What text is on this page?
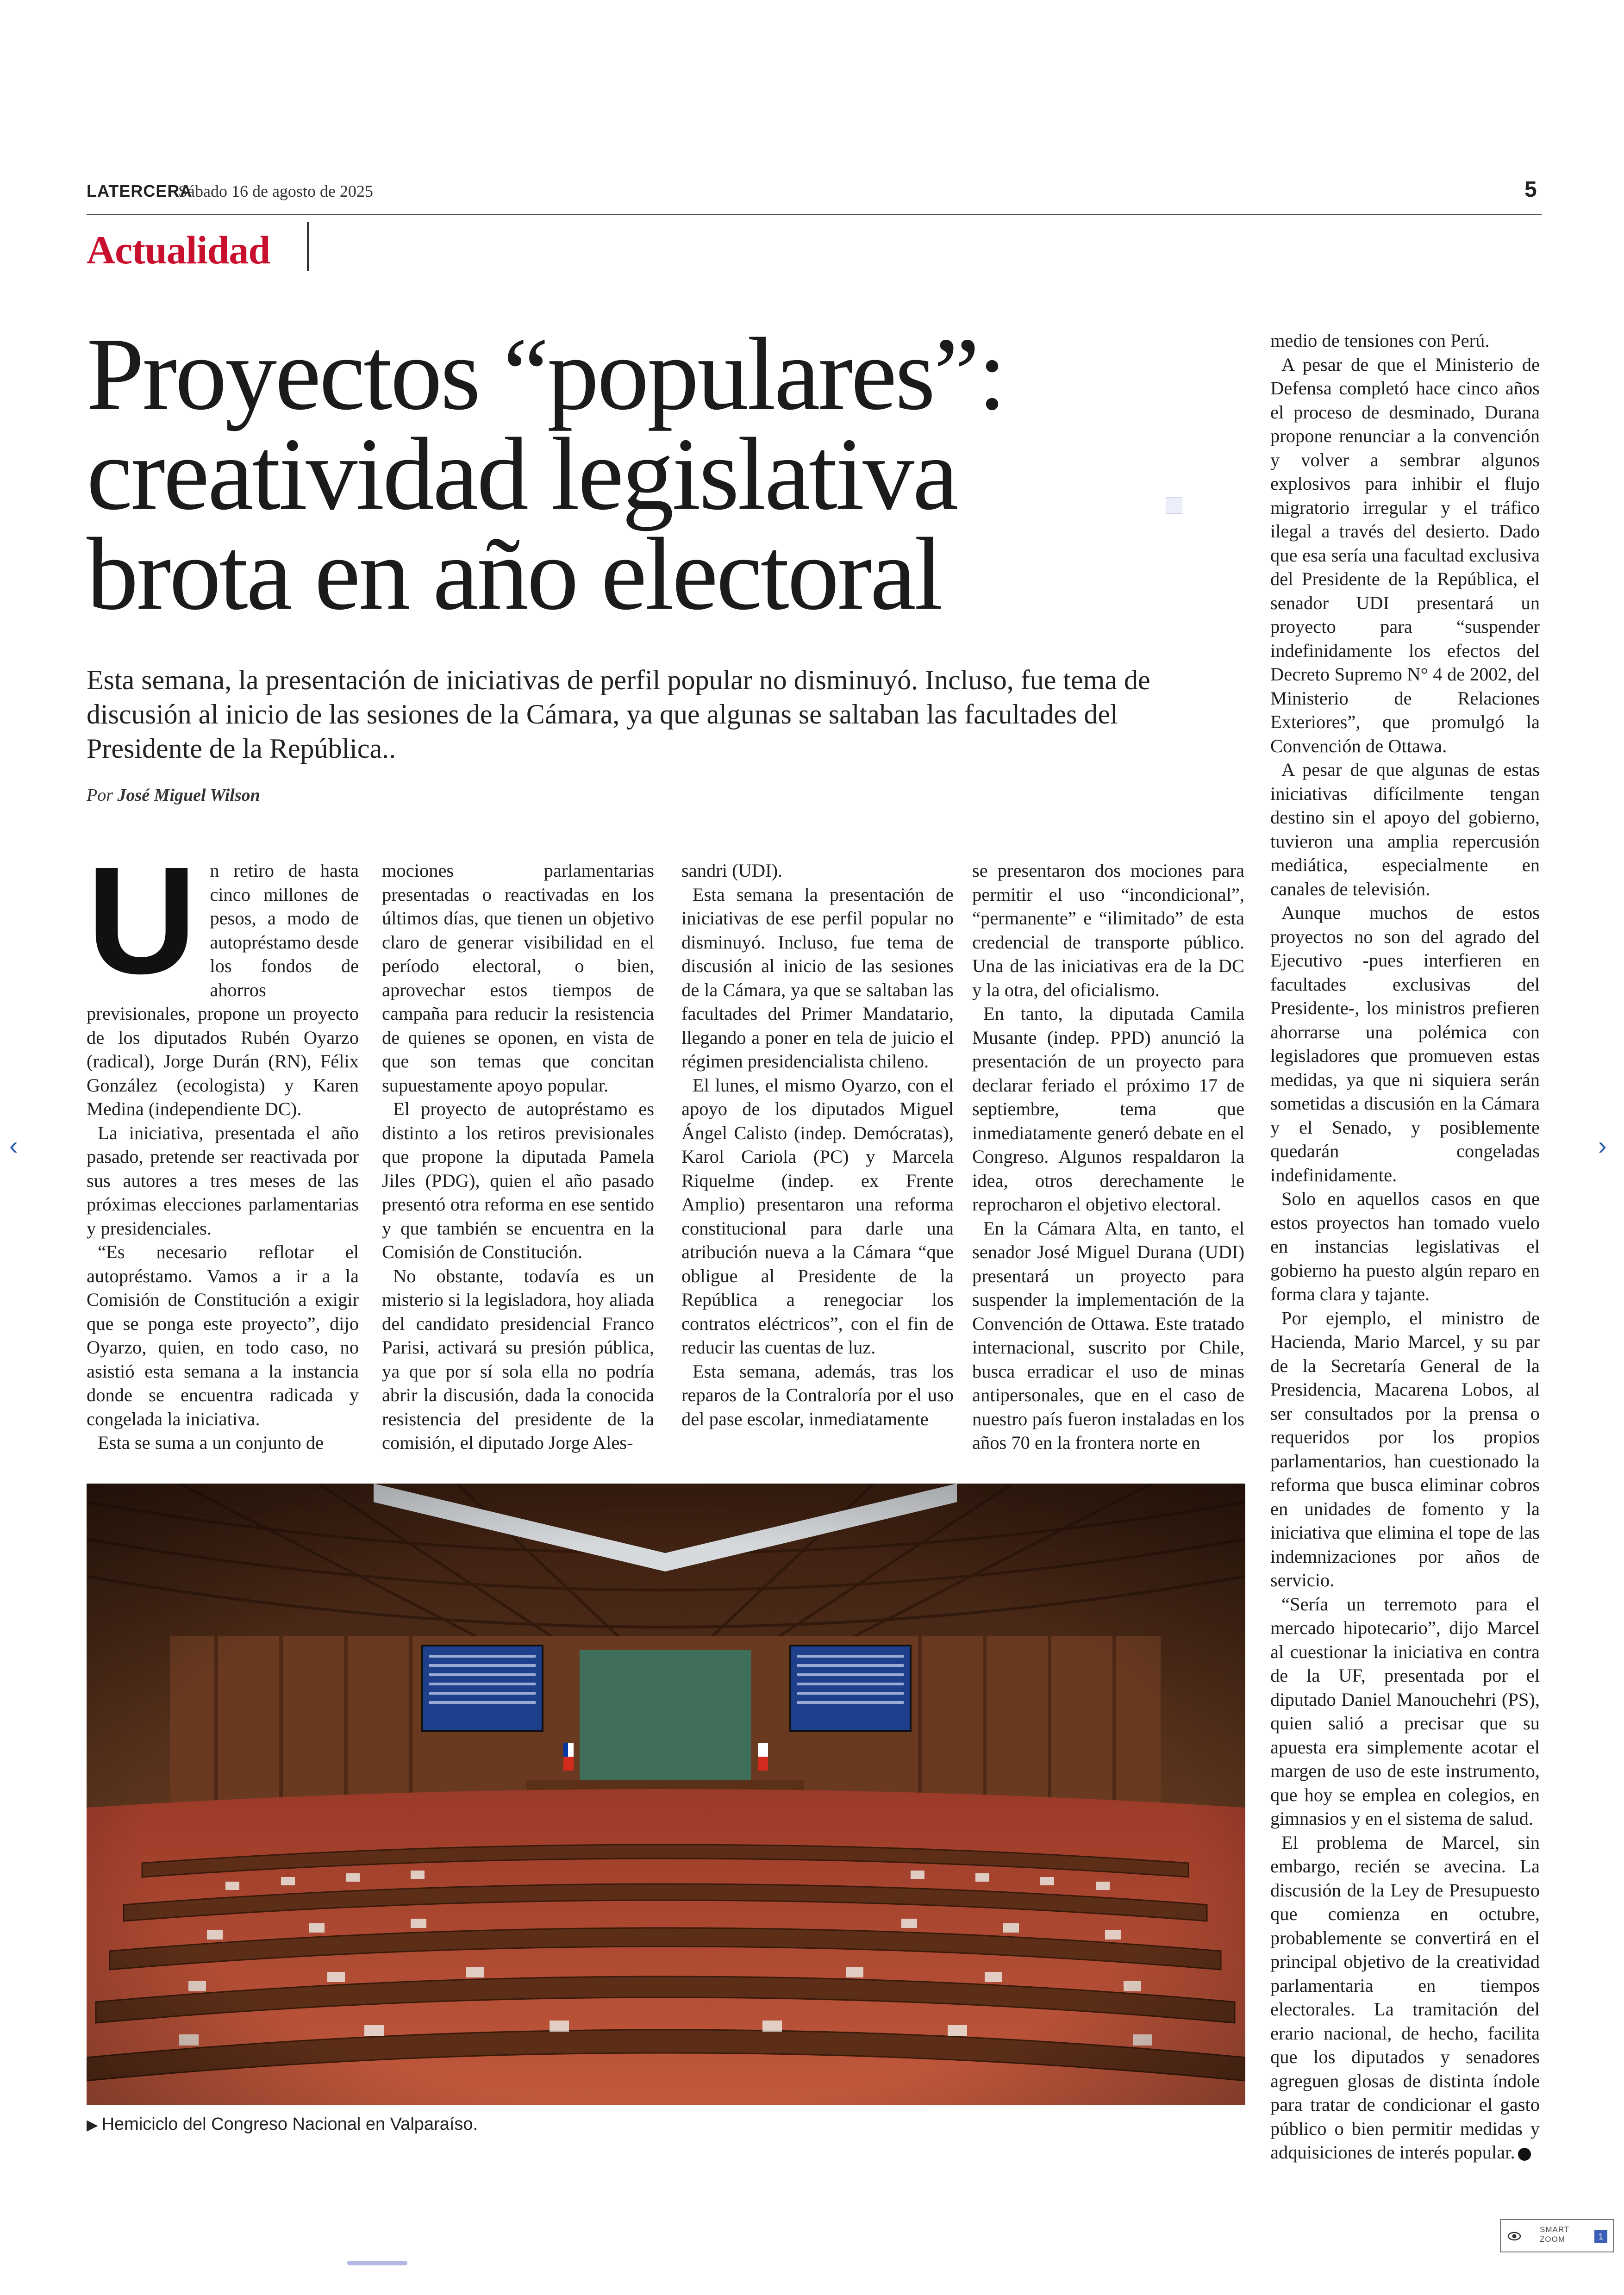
LATERCERA
Sábado 16 de agosto de 2025	5
Actualidad
Proyectos “populares”:
creatividad legislativa
brota en año electoral
Esta semana, la presentación de iniciativas de perfil popular no disminuyó. Incluso, fue tema de discusión al inicio de las sesiones de la Cámara, ya que algunas se saltaban las facultades del Presidente de la República..
Por José Miguel Wilson

Un retiro de hasta cinco millones de pesos, a modo de autopréstamo desde los fondos de ahorros previsionales, propone un proyecto de los diputados Rubén Oyarzo (radical), Jorge Durán (RN), Félix González (ecologista) y Karen Medina (independiente DC).

La iniciativa, presentada el año pasado, pretende ser reactivada por sus autores a tres meses de las próximas elecciones parlamentarias y presidenciales.

“Es necesario reflotar el autopréstamo. Vamos a ir a la Comisión de Constitución a exigir que se ponga este proyecto”, dijo Oyarzo, quien, en todo caso, no asistió esta semana a la instancia donde se encuentra radicada y congelada la iniciativa.

Esta se suma a un conjunto de

mociones parlamentarias presentadas o reactivadas en los últimos días, que tienen un objetivo claro de generar visibilidad en el período electoral, o bien, aprovechar estos tiempos de campaña para reducir la resistencia de quienes se oponen, en vista de que son temas que concitan supuestamente apoyo popular.

El proyecto de autopréstamo es distinto a los retiros previsionales que propone la diputada Pamela Jiles (PDG), quien el año pasado presentó otra reforma en ese sentido y que también se encuentra en la Comisión de Constitución.

No obstante, todavía es un misterio si la legisladora, hoy aliada del candidato presidencial Franco Parisi, activará su presión pública, ya que por sí sola ella no podría abrir la discusión, dada la conocida resistencia del presidente de la comisión, el diputado Jorge Ales-

sandri (UDI).

Esta semana la presentación de iniciativas de ese perfil popular no disminuyó. Incluso, fue tema de discusión al inicio de las sesiones de la Cámara, ya que se saltaban las facultades del Primer Mandatario, llegando a poner en tela de juicio el régimen presidencialista chileno.

El lunes, el mismo Oyarzo, con el apoyo de los diputados Miguel Ángel Calisto (indep. Demócratas), Karol Cariola (PC) y Marcela Riquelme (indep. ex Frente Amplio) presentaron una reforma constitucional para darle una atribución nueva a la Cámara “que obligue al Presidente de la República a renegociar los contratos eléctricos”, con el fin de reducir las cuentas de luz.

Esta semana, además, tras los reparos de la Contraloría por el uso del pase escolar, inmediatamente

se presentaron dos mociones para permitir el uso “incondicional”, “permanente” e “ilimitado” de esta credencial de transporte público. Una de las iniciativas era de la DC y la otra, del oficialismo.

En tanto, la diputada Camila Musante (indep. PPD) anunció la presentación de un proyecto para declarar feriado el próximo 17 de septiembre, tema que inmediatamente generó debate en el Congreso. Algunos respaldaron la idea, otros derechamente le reprocharon el objetivo electoral.

En la Cámara Alta, en tanto, el senador José Miguel Durana (UDI) presentará un proyecto para suspender la implementación de la Convención de Ottawa. Este tratado internacional, suscrito por Chile, busca erradicar el uso de minas antipersonales, que en el caso de nuestro país fueron instaladas en los años 70 en la frontera norte en

medio de tensiones con Perú.

A pesar de que el Ministerio de Defensa completó hace cinco años el proceso de desminado, Durana propone renunciar a la convención y volver a sembrar algunos explosivos para inhibir el flujo migratorio irregular y el tráfico ilegal a través del desierto. Dado que esa sería una facultad exclusiva del Presidente de la República, el senador UDI presentará un proyecto para “suspender indefinidamente los efectos del Decreto Supremo N° 4 de 2002, del Ministerio de Relaciones Exteriores”, que promulgó la Convención de Ottawa.

A pesar de que algunas de estas iniciativas difícilmente tengan destino sin el apoyo del gobierno, tuvieron una amplia repercusión mediática, especialmente en canales de televisión.

Aunque muchos de estos proyectos no son del agrado del Ejecutivo -pues interfieren en facultades exclusivas del Presidente-, los ministros prefieren ahorrarse una polémica con legisladores que promueven estas medidas, ya que ni siquiera serán sometidas a discusión en la Cámara y el Senado, y posiblemente quedarán congeladas indefinidamente.

Solo en aquellos casos en que estos proyectos han tomado vuelo en instancias legislativas el gobierno ha puesto algún reparo en forma clara y tajante.

Por ejemplo, el ministro de Hacienda, Mario Marcel, y su par de la Secretaría General de la Presidencia, Macarena Lobos, al ser consultados por la prensa o requeridos por los propios parlamentarios, han cuestionado la reforma que busca eliminar cobros en unidades de fomento y la iniciativa que elimina el tope de las indemnizaciones por años de servicio.

“Sería un terremoto para el mercado hipotecario”, dijo Marcel al cuestionar la iniciativa en contra de la UF, presentada por el diputado Daniel Manouchehri (PS), quien salió a precisar que su apuesta era simplemente acotar el margen de uso de este instrumento, que hoy se emplea en colegios, en gimnasios y en el sistema de salud.

El problema de Marcel, sin embargo, recién se avecina. La discusión de la Ley de Presupuesto que comienza en octubre, probablemente se convertirá en el principal objetivo de la creatividad parlamentaria en tiempos electorales. La tramitación del erario nacional, de hecho, facilita que los diputados y senadores agreguen glosas de distinta índole para tratar de condicionar el gasto público o bien permitir medidas y adquisiciones de interés popular.

▶ Hemiciclo del Congreso Nacional en Valparaíso.
‹	›
SMART
ZOOM	1
